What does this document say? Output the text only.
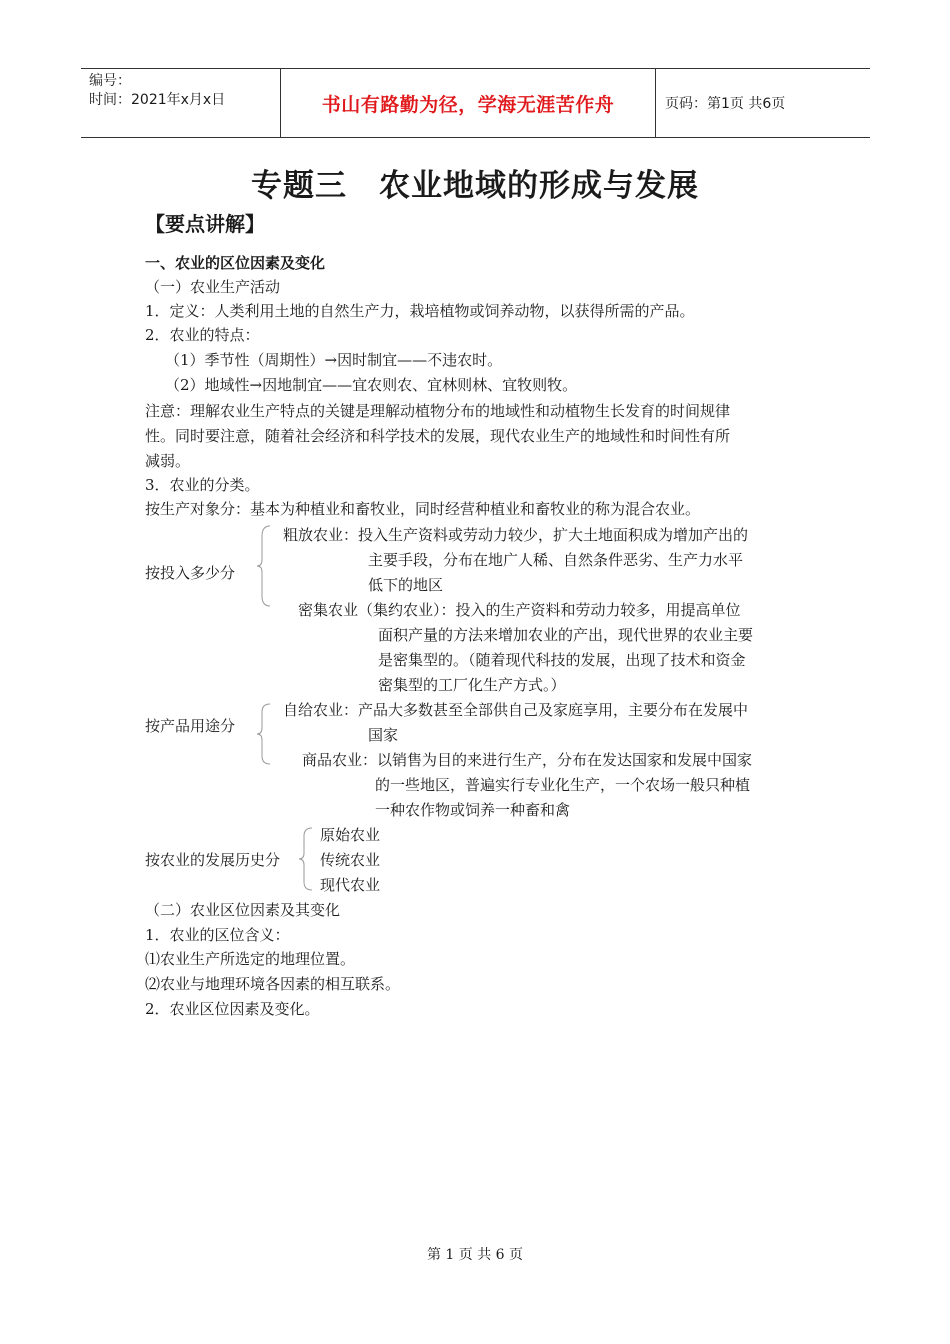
编号：
时间：2021年x月x日	书山有路勤为径，学海无涯苦作舟	页码：第1页 共6页
专题三　农业地域的形成与发展
【要点讲解】
一、农业的区位因素及变化
（一）农业生产活动
1．定义：人类利用土地的自然生产力，栽培植物或饲养动物，以获得所需的产品。
2．农业的特点：
（1）季节性（周期性）→因时制宜——不违农时。
（2）地域性→因地制宜——宜农则农、宜林则林、宜牧则牧。
注意：理解农业生产特点的关键是理解动植物分布的地域性和动植物生长发育的时间规律
性。同时要注意，随着社会经济和科学技术的发展，现代农业生产的地域性和时间性有所
减弱。
3．农业的分类。
按生产对象分：基本为种植业和畜牧业，同时经营种植业和畜牧业的称为混合农业。
按投入多少分
粗放农业：投入生产资料或劳动力较少，扩大土地面积成为增加产出的
主要手段，分布在地广人稀、自然条件恶劣、生产力水平
低下的地区
密集农业（集约农业）：投入的生产资料和劳动力较多，用提高单位
面积产量的方法来增加农业的产出，现代世界的农业主要
是密集型的。（随着现代科技的发展，出现了技术和资金
密集型的工厂化生产方式。）
按产品用途分
自给农业：产品大多数甚至全部供自己及家庭享用，主要分布在发展中
国家
商品农业：以销售为目的来进行生产，分布在发达国家和发展中国家
的一些地区，普遍实行专业化生产，一个农场一般只种植
一种农作物或饲养一种畜和禽
按农业的发展历史分
原始农业
传统农业
现代农业
（二）农业区位因素及其变化
1．农业的区位含义：
⑴农业生产所选定的地理位置。
⑵农业与地理环境各因素的相互联系。
2．农业区位因素及变化。
第 1 页 共 6 页
